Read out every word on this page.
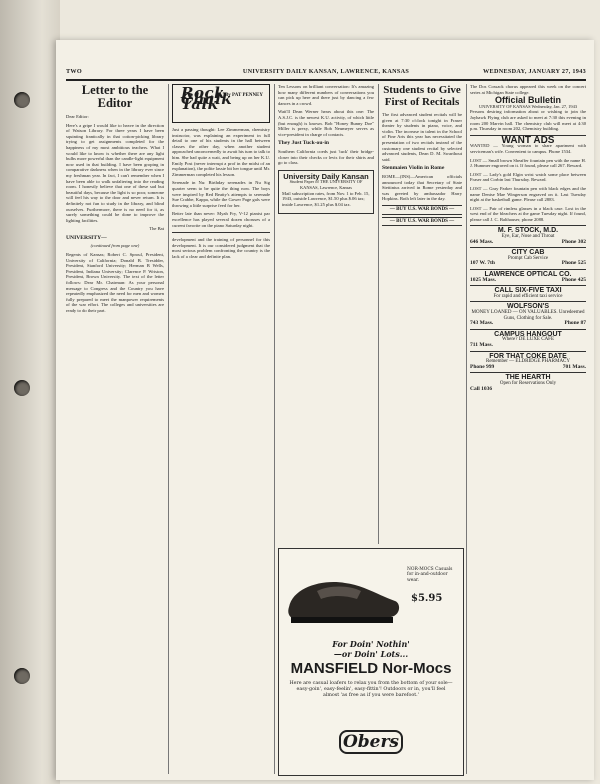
TWO	UNIVERSITY DAILY KANSAN, LAWRENCE, KANSAS	WEDNESDAY, JANUARY 27, 1943
Letter to the Editor

Dear Editor:

Here's a gripe I would like to heave in the direction of Watson Library. For three years I have been squinting frantically in that cotton-picking library trying to get assignments completed for the happiness of my most ambitious teachers. What I would like to know is whether there are any light bulbs more powerful than the candle-light equipment now used in that building. I have been groping in comparative darkness when in the library ever since my freshman year. In fact, I can't remember when I have been able to walk unfaltering into the reading room. I honestly believe that one of these sad but beautiful days, because the light is so poor, someone will feel his way to the door and never return. It is definitely not fun to study in the library, and blind ourselves. Furthermore, there is no need for it, as surely something could be done to improve the lighting facilities.

The Bat

UNIVERSITY—

(continued from page one)

Regents of Kansas; Robert C. Sproul, President, University of California; Donald B. Tresidder, President, Stanford University; Herman B Wells, President, Indiana University; Clarence P. Wriston, President, Brown University. The text of the letter follows: Dear Mr. Chairman: As your personal message to Congress and the Country you have repeatedly emphasized the need for men and women fully prepared to meet the manpower requirements of the war effort. The colleges and universities are ready to do their part.

Rock Chalk Talk	By PAT PENNEY

Just a passing thought: Lee Zimmerman, chemistry instructor, was explaining an experiment in full detail to one of his students in the hall between classes the other day, when another student approached unconcernedly to await his turn to talk to him. She had quite a wait, and being up on her K.U. Emily Post (never interrupt a prof in the midst of an explanation), the polite lassie bit her tongue until Mr. Zimmerman completed his lesson.

Serenade in Nu: Birthday serenades in Nu Sig quarter seem to be quite the thing now. The boys were inspired by Red Beatty's attempts to serenade Sue Crabbe, Kappa, while the Gower Page gals were throwing a little surprise feed for her.

Better late than never: Myah Fry, V-12 pianist par excellence has played several dozen choruses of a current favorite on the piano Saturday night.

development and the training of personnel for this development. It is our considered judgment that the most serious problem confronting the country is the lack of a clear and definite plan.

Ten Lessons on brilliant conversation: It's amazing how many different numbers of conversations you can pick up here and there just by dancing a few dances in a crowd.

Wait'll Dean Werner hears about this one: The A.S.J.C. is the newest K.U. activity, of which little (but enough) is known. Bob "Honey Bunny Doe" Miller is prexy, while Bob Neumeyer serves as vice-president in charge of contacts.

They Just Tuck-ou-in

Southern California coeds just 'tuck' their bridge-closer into their checks or levis for their shirts and go to class.

University Daily Kansan
Student Paper of THE UNIVERSITY OF KANSAS, Lawrence, Kansas

Mail subscription rates, from Nov. 1 to Feb. 15, 1943, outside Lawrence, $1.50 plus $.06 tax; inside Lawrence, $1.25 plus $.04 tax.

NOR-MOCS Casuals for in-and-outdoor wear.
$5.95
For Doin' Nothin'
—or Doin' Lots...
MANSFIELD Nor-Mocs
Here are casual loafers to relax you from the bottom of your sole—easy-goin', easy-feelin', easy-fittin'! Outdoors or in, you'll feel almost 'as free as if you were barefoot.'
Obers
Students to Give First of Recitals

The first advanced student recitals will be given at 7:30 o'clock tonight in Fraser theater by students in piano, voice, and violin. The increase in talent in the School of Fine Arts this year has necessitated the presentation of two recitals instead of the customary one student recital by selected advanced students, Dean D. M. Swarthout said.

Stenmaien Violin in Rome

ROME—(INS)—American officials announced today that Secretary of State Stettinius arrived in Rome yesterday and was greeted by ambassador Harry Hopkins. Both left later in the day.

— BUY U.S. WAR BONDS —
— BUY U.S. WAR BONDS —

The Dos Cossack chorus appeared this week on the concert series at Michigan State college.

Official Bulletin
UNIVERSITY OF KANSAS Wednesday, Jan. 27, 1943

Persons desiring information about or wishing to join the Jayhawk Flying club are asked to meet at 7:30 this evening in room 200 Marvin hall. The chemistry club will meet at 4:30 p.m. Thursday in room 202, Chemistry building.

WANT ADS

WANTED — Young woman to share apartment with serviceman's wife. Convenient to campus. Phone 1534.

LOST — Small brown Sheaffer fountain pen with the name H. J. Hummer engraved on it. If found, please call 267. Reward.

LOST — Lady's gold Elgin wrist watch some place between Fraser and Corbin last Thursday. Reward.

LOST — Gray Parker fountain pen with black edges and the name Denise Mae Wingerson engraved on it. Last Tuesday night at the basketball game. Please call 2883.

LOST — Pair of rimless glasses in a black case. Lost in the west end of the bleachers at the game Tuesday night. If found, please call J. C. Balthauser, phone 2088.

M. F. STOCK, M.D.
Eye, Ear, Nose and Throat
646 Mass.	Phone 302
CITY CAB
Prompt Cab Service
107 W. 7th	Phone 525
LAWRENCE OPTICAL CO.
1025 Mass.	Phone 425
CALL SIX-FIVE TAXI
For rapid and efficient taxi service
WOLFSON'S
MONEY LOANED — ON VALUABLES. Unredeemed Guns, Clothing for Sale.
743 Mass.	Phone 87
CAMPUS HANGOUT
Where? DE LUXE CAFE
711 Mass.
FOR THAT COKE DATE
Remember — ELDRIDGE PHARMACY
Phone 999	701 Mass.
THE HEARTH
Open for Reservations Only
Call 1036
